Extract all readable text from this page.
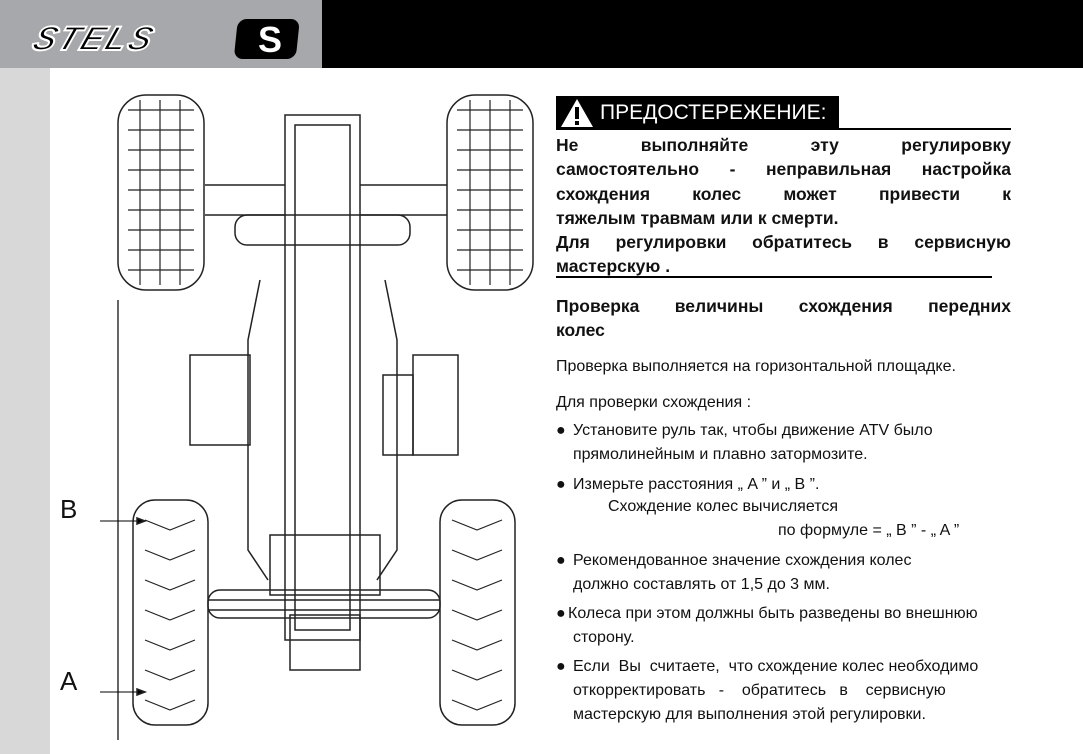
STELS	S
B
A
ПРЕДОСТЕРЕЖЕНИЕ:
Не выполняйте эту регулировку
самостоятельно - неправильная настройка
схождения колес может привести к
тяжелым травмам или к смерти.
Для регулировки обратитесь в сервисную
мастерскую .
Проверка величины схождения передних
колес
Проверка выполняется на горизонтальной площадке.
Для проверки схождения :
● Установите руль так, чтобы движение ATV было
прямолинейным и плавно затормозите.
● Измерьте расстояния „ A ” и „ B ”.
Схождение колес вычисляется
по формуле = „ B ” - „ A ”
● Рекомендованное значение схождения колес
должно составлять от 1,5 до 3 мм.
● Колеса при этом должны быть разведены во внешнюю
сторону.
● Если  Вы  считаете,  что схождение колес необходимо
откорректировать   -    обратитесь   в    сервисную
мастерскую для выполнения этой регулировки.
